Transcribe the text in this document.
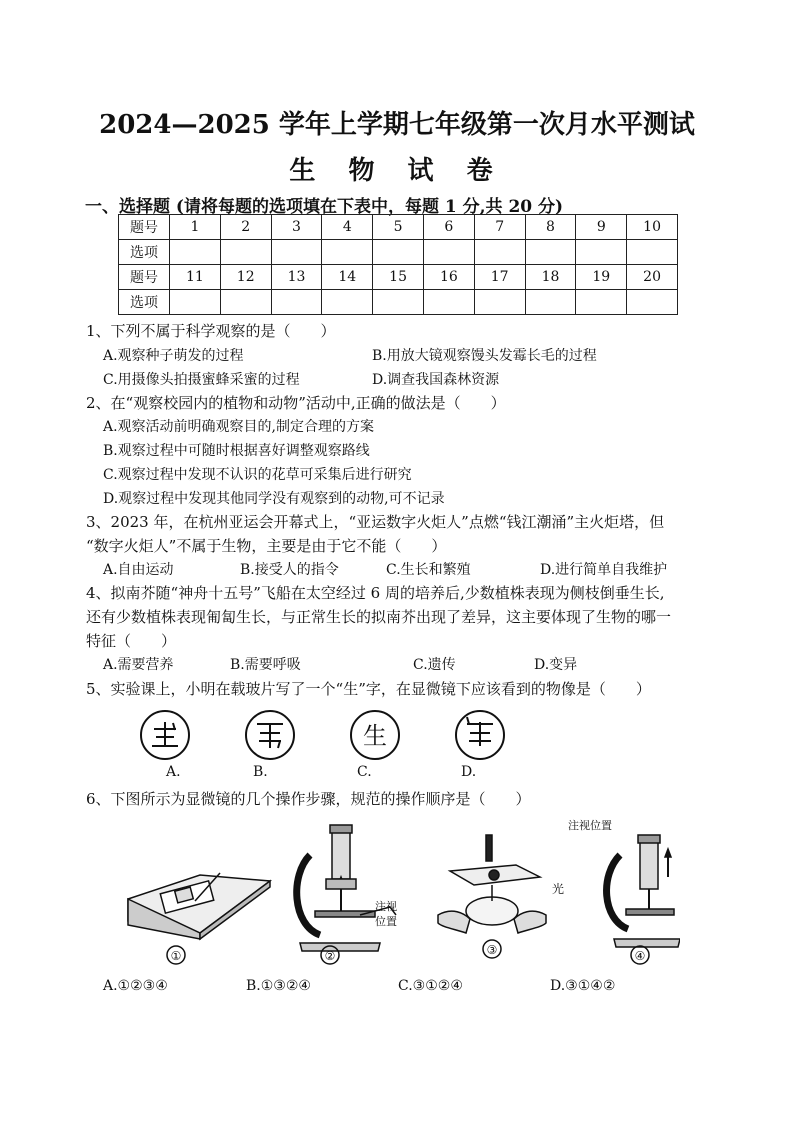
2024—2025 学年上学期七年级第一次月水平测试
生 物 试 卷
一、选择题 (请将每题的选项填在下表中，每题 1 分,共 20 分)
题号	1	2	3	4	5	6	7	8	9	10
选项										
题号	11	12	13	14	15	16	17	18	19	20
选项										
1、下列不属于科学观察的是（　　）
A.观察种子萌发的过程	B.用放大镜观察馒头发霉长毛的过程
C.用摄像头拍摄蜜蜂采蜜的过程	D.调查我国森林资源
2、在“观察校园内的植物和动物”活动中,正确的做法是（　　）
A.观察活动前明确观察目的,制定合理的方案
B.观察过程中可随时根据喜好调整观察路线
C.观察过程中发现不认识的花草可采集后进行研究
D.观察过程中发现其他同学没有观察到的动物,可不记录
3、2023 年，在杭州亚运会开幕式上，“亚运数字火炬人”点燃“钱江潮涌”主火炬塔，但
“数字火炬人”不属于生物，主要是由于它不能（　　）
A.自由运动	B.接受人的指令	C.生长和繁殖	D.进行简单自我维护
4、拟南芥随“神舟十五号”飞船在太空经过 6 周的培养后,少数植株表现为侧枝倒垂生长,
还有少数植株表现匍匐生长，与正常生长的拟南芥出现了差异，这主要体现了生物的哪一
特征（　　）
A.需要营养	B.需要呼吸	C.遗传	D.变异
5、实验课上，小明在载玻片写了一个“生”字，在显微镜下应该看到的物像是（　　）
生
A.	B.	C.	D.
6、下图所示为显微镜的几个操作步骤，规范的操作顺序是（　　）
①
注视
位置
②
光
③
注视位置
④
A.①②③④	B.①③②④	C.③①②④	D.③①④②
